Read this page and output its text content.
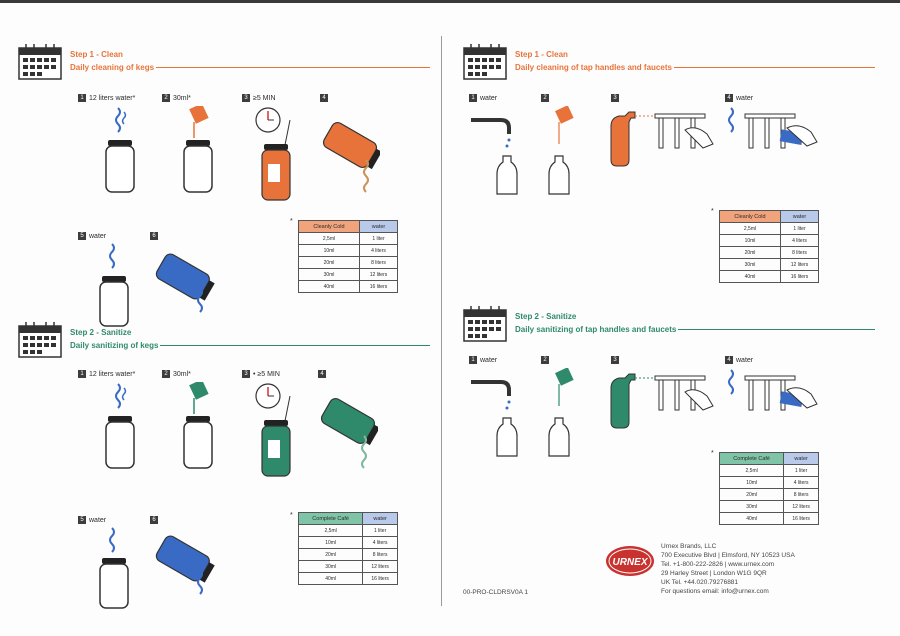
Step 1 - Clean
Daily cleaning of kegs
1 12 liters water*	2 30ml*	3 ≥5 MIN	4
5 water	6
*
Cleanly Cold	water
2,5ml	1 liter
10ml	4 liters
20ml	8 liters
30ml	12 liters
40ml	16 liters
Step 2 - Sanitize
Daily sanitizing of kegs
1 12 liters water*	2 30ml*	3 • ≥5 MIN	4
5 water	6
*	Complete Café	water
2,5ml	1 liter
10ml	4 liters
20ml	8 liters
30ml	12 liters
40ml	16 liters
Step 1 - Clean
Daily cleaning of tap handles and faucets
1 water	2	3	4 water
*
Cleanly Cold	water
2,5ml	1 liter
10ml	4 liters
20ml	8 liters
30ml	12 liters
40ml	16 liters
Step 2 - Sanitize
Daily sanitizing of tap handles and faucets
1 water	2	3	4 water
*
Complete Café	water
2,5ml	1 liter
10ml	4 liters
20ml	8 liters
30ml	12 liters
40ml	16 liters
00-PRO-CLDRSV0A 1
URNEX
Urnex Brands, LLC
700 Executive Blvd | Elmsford, NY 10523 USA
Tel. +1-800-222-2826 | www.urnex.com
29 Harley Street | London W1G 9QR
UK Tel. +44.020.79276881
For questions email: info@urnex.com
